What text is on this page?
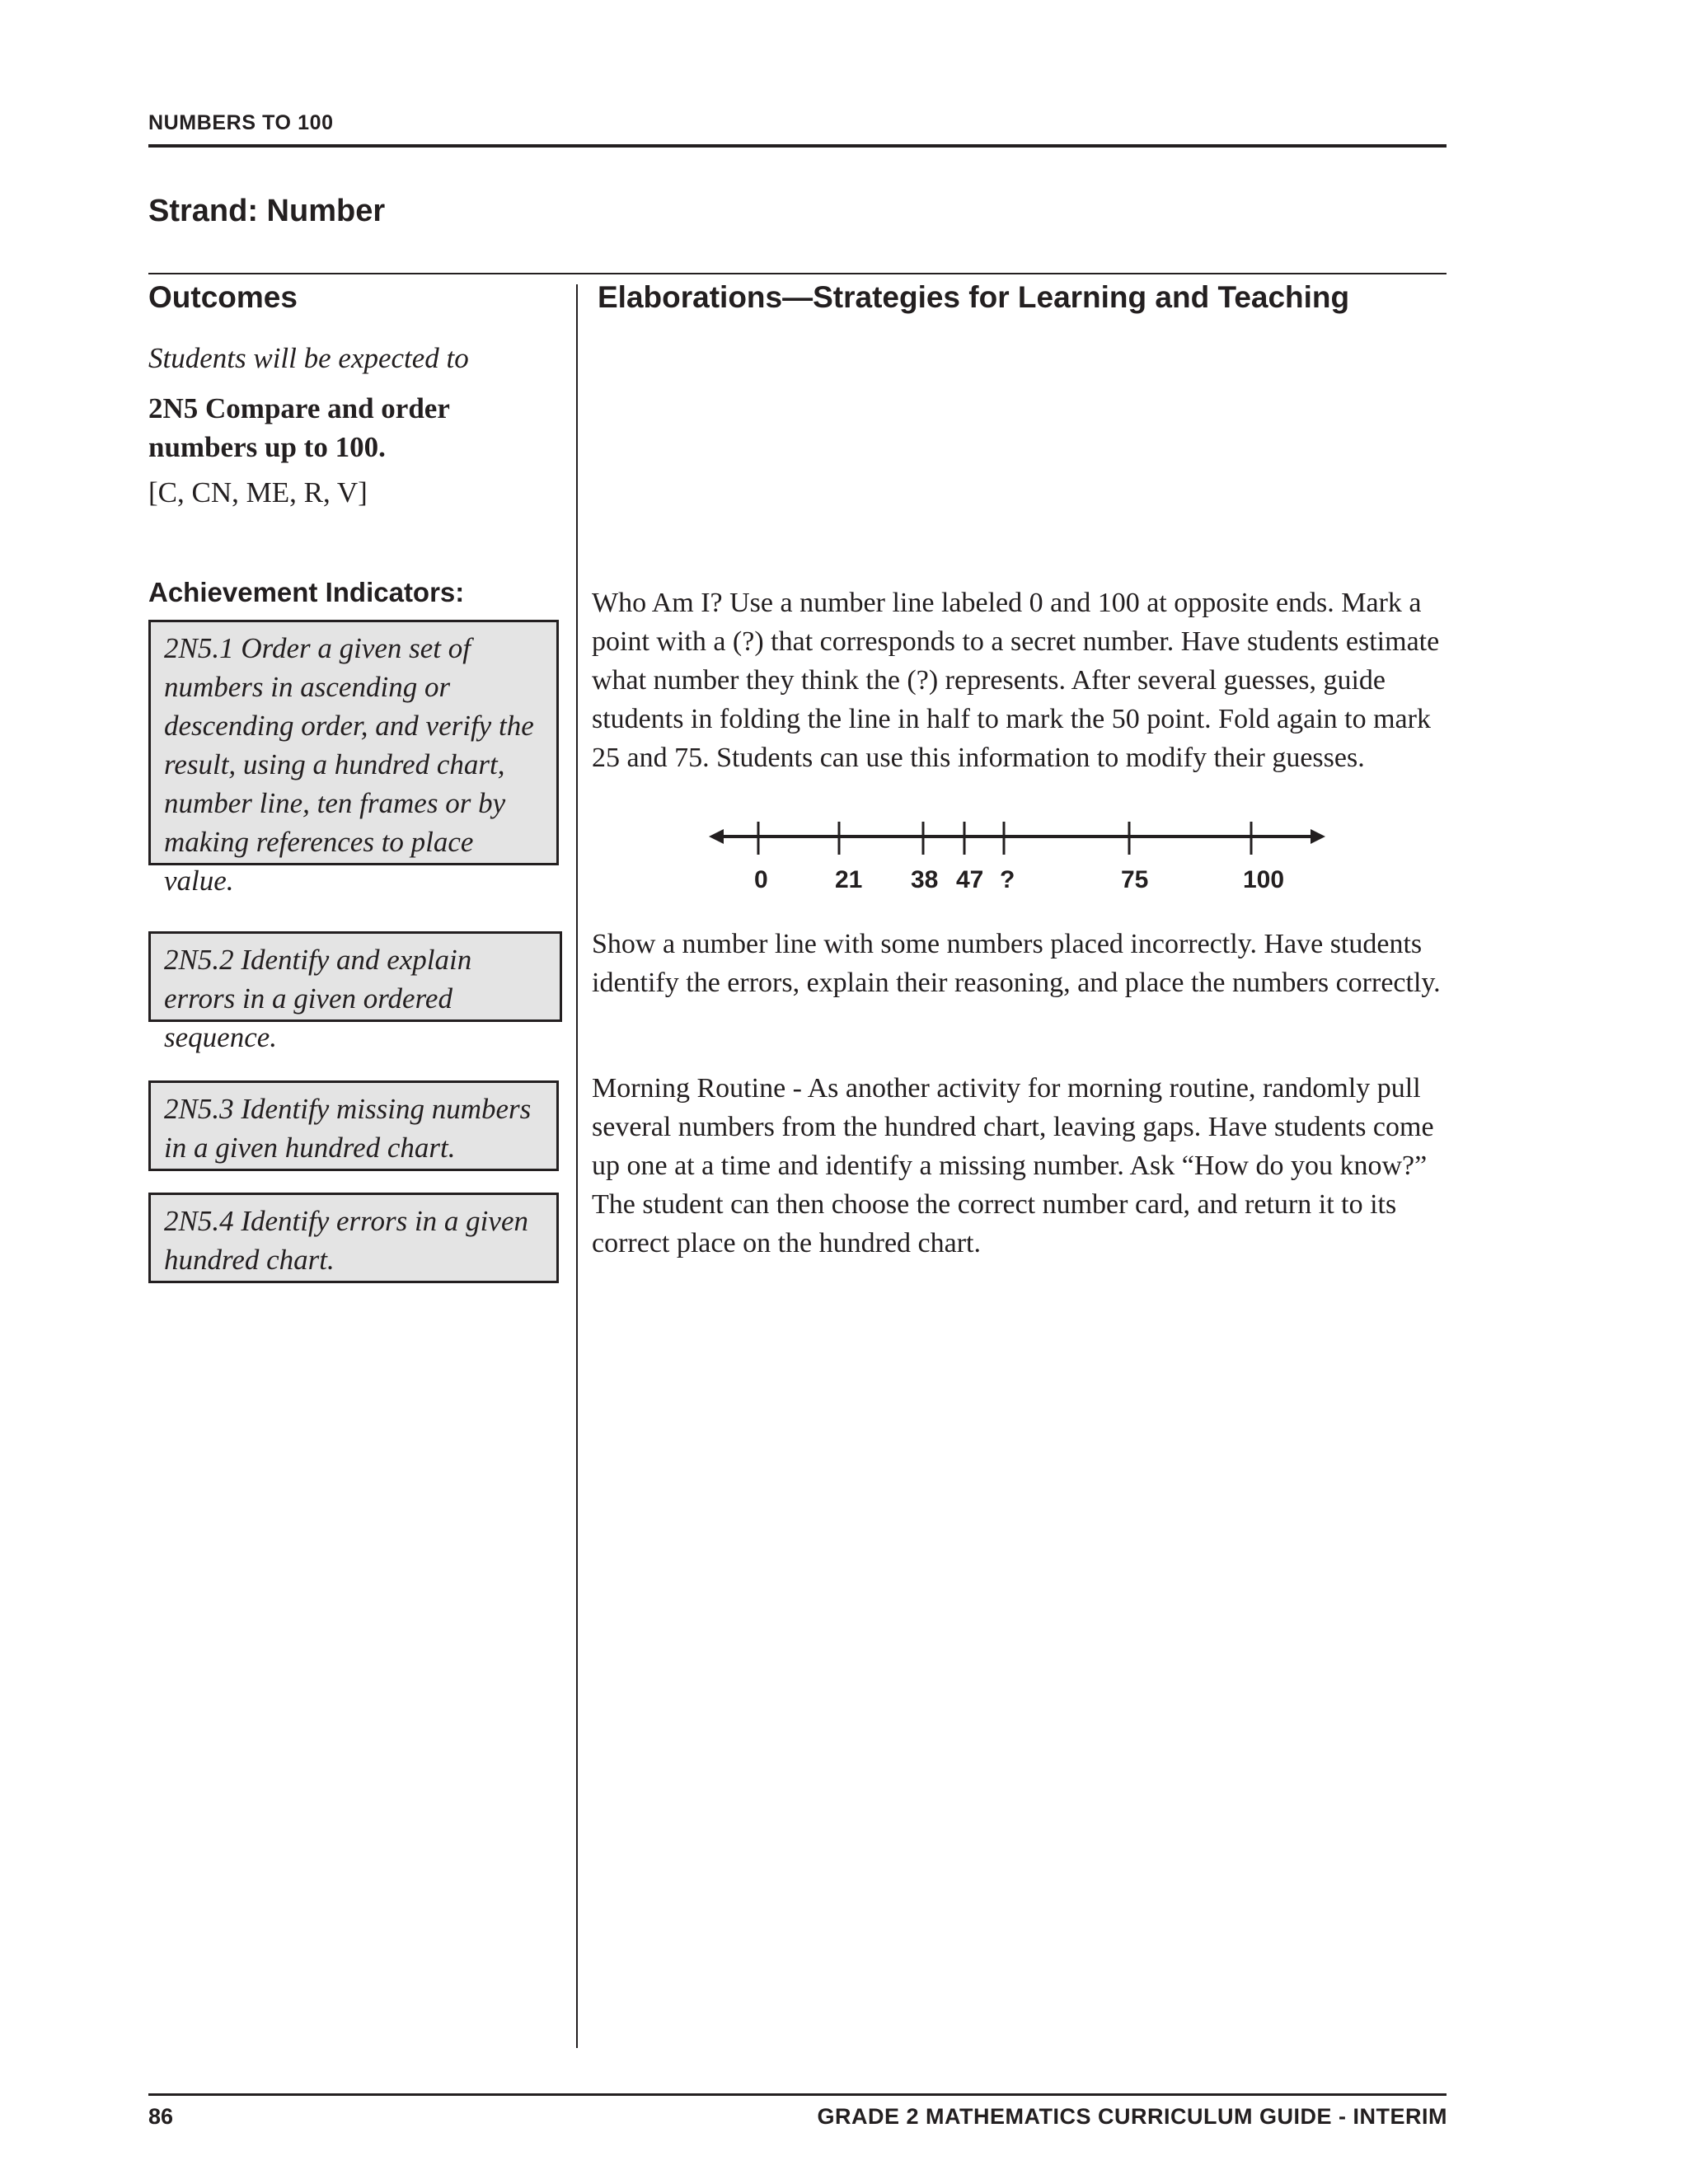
NUMBERS TO 100
Strand: Number
Outcomes
Students will be expected to
2N5 Compare and order numbers up to 100.
[C, CN, ME, R, V]
Achievement Indicators:
2N5.1 Order a given set of numbers in ascending or descending order, and verify the result, using a hundred chart, number line, ten frames or by making references to place value.
2N5.2 Identify and explain errors in a given ordered sequence.
2N5.3 Identify missing numbers in a given hundred chart.
2N5.4 Identify errors in a given hundred chart.
Elaborations—Strategies for Learning and Teaching
Who Am I? Use a number line labeled 0 and 100 at opposite ends. Mark a point with a (?) that corresponds to a secret number. Have students estimate what number they think the (?) represents. After several guesses, guide students in folding the line in half to mark the 50 point. Fold again to mark 25 and 75. Students can use this information to modify their guesses.
0	21 38 47 ?	75	100
Show a number line with some numbers placed incorrectly. Have students identify the errors, explain their reasoning, and place the numbers correctly.
Morning Routine - As another activity for morning routine, randomly pull several numbers from the hundred chart, leaving gaps. Have students come up one at a time and identify a missing number. Ask “How do you know?” The student can then choose the correct number card, and return it to its correct place on the hundred chart.
86	GRADE 2 MATHEMATICS CURRICULUM GUIDE - INTERIM
